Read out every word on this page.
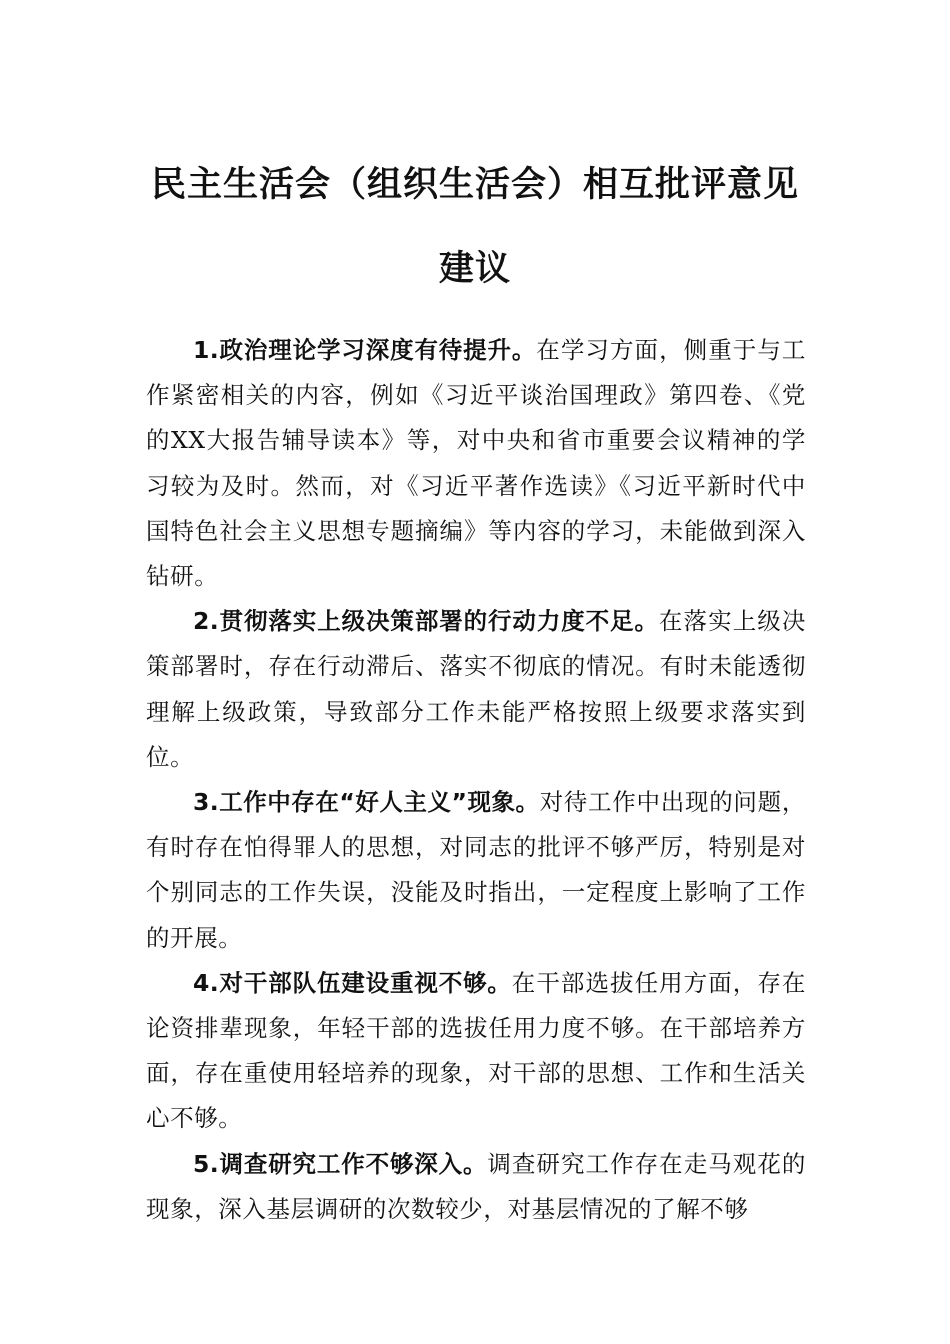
民主生活会（组织生活会）相互批评意见
建议

1.政治理论学习深度有待提升。在学习方面，侧重于与工作紧密相关的内容，例如《习近平谈治国理政》第四卷、《党的XX大报告辅导读本》等，对中央和省市重要会议精神的学习较为及时。然而，对《习近平著作选读》《习近平新时代中国特色社会主义思想专题摘编》等内容的学习，未能做到深入钻研。

2.贯彻落实上级决策部署的行动力度不足。在落实上级决策部署时，存在行动滞后、落实不彻底的情况。有时未能透彻理解上级政策，导致部分工作未能严格按照上级要求落实到位。

3.工作中存在“好人主义”现象。对待工作中出现的问题，有时存在怕得罪人的思想，对同志的批评不够严厉，特别是对个别同志的工作失误，没能及时指出，一定程度上影响了工作的开展。

4.对干部队伍建设重视不够。在干部选拔任用方面，存在论资排辈现象，年轻干部的选拔任用力度不够。在干部培养方面，存在重使用轻培养的现象，对干部的思想、工作和生活关心不够。

5.调查研究工作不够深入。调查研究工作存在走马观花的现象，深入基层调研的次数较少，对基层情况的了解不够
